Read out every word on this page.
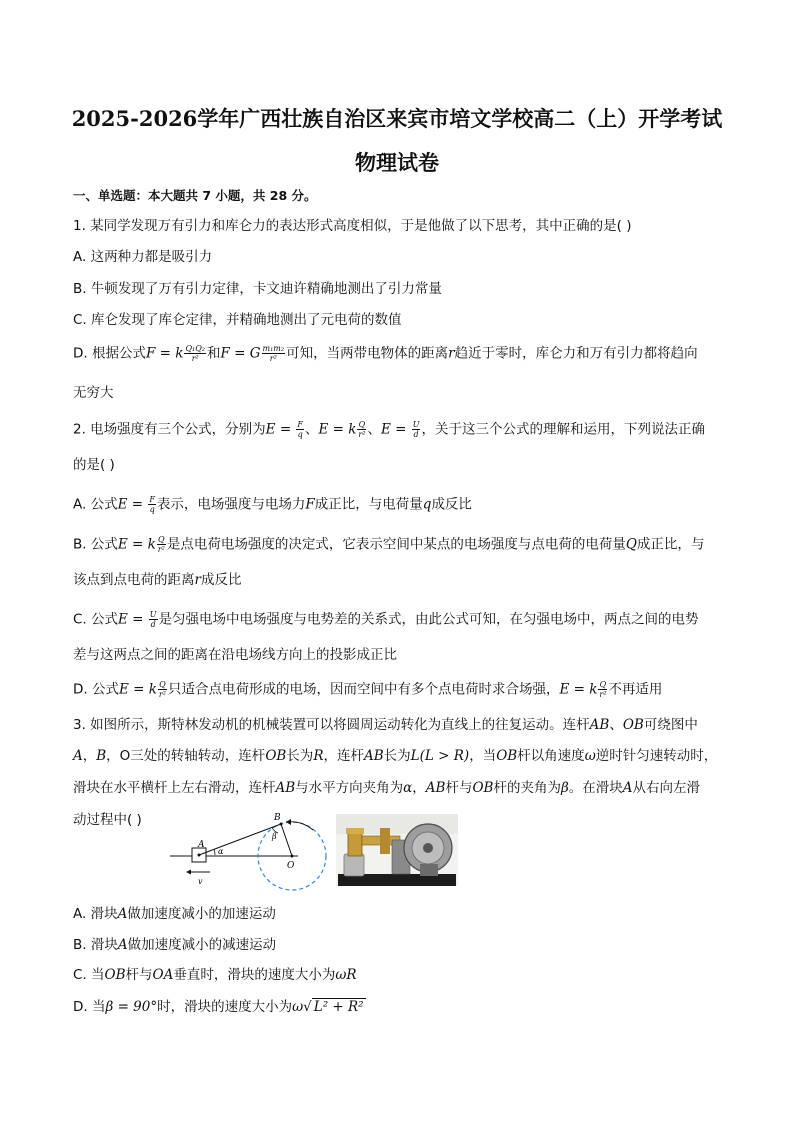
2025-2026学年广西壮族自治区来宾市培文学校高二（上）开学考试
物理试卷
一、单选题：本大题共 7 小题，共 28 分。
1. 某同学发现万有引力和库仑力的表达形式高度相似，于是他做了以下思考，其中正确的是( )
A. 这两种力都是吸引力
B. 牛顿发现了万有引力定律，卡文迪许精确地测出了引力常量
C. 库仑发现了库仑定律，并精确地测出了元电荷的数值
D. 根据公式F = k $\frac{\text{Q₁Q₂}}{\text{r²}}$ 和F = G $\frac{\text{m₁m₂}}{\text{r²}}$ 可知，当两带电物体的距离r趋近于零时，库仑力和万有引力都将趋向
无穷大
2. 电场强度有三个公式，分别为$E = \frac{F}{q}$ 、E = k $\frac{Q}{\text{r²}}$ 、$E = \frac{U}{d}$ ，关于这三个公式的理解和运用，下列说法正确
的是( )
A. 公式$E = \frac{F}{q}$ 表示，电场强度与电场力F成正比，与电荷量q成反比
B. 公式E = k $\frac{Q}{\text{r²}}$ 是点电荷电场强度的决定式，它表示空间中某点的电场强度与点电荷的电荷量Q成正比，与
该点到点电荷的距离r成反比
C. 公式$E = \frac{U}{d}$ 是匀强电场中电场强度与电势差的关系式，由此公式可知，在匀强电场中，两点之间的电势
差与这两点之间的距离在沿电场线方向上的投影成正比
D. 公式E = k $\frac{Q}{\text{r²}}$ 只适合点电荷形成的电场，因而空间中有多个点电荷时求合场强，E = k $\frac{Q}{\text{r²}}$ 不再适用
3. 如图所示，斯特林发动机的机械装置可以将圆周运动转化为直线上的往复运动。连杆AB、OB可绕图中
A，B，O三处的转轴转动，连杆OB长为R，连杆AB长为L(L > R)，当OB杆以角速度ω逆时针匀速转动时，
滑块在水平横杆上左右滑动，连杆AB与水平方向夹角为α，AB杆与OB杆的夹角为β。在滑块A从右向左滑
动过程中( )
A
B
O
α
β
v
A. 滑块A做加速度减小的加速运动
B. 滑块A做加速度减小的减速运动
C. 当OB杆与OA垂直时，滑块的速度大小为ωR
D. 当β = 90°时，滑块的速度大小为ω√ L² + R²
